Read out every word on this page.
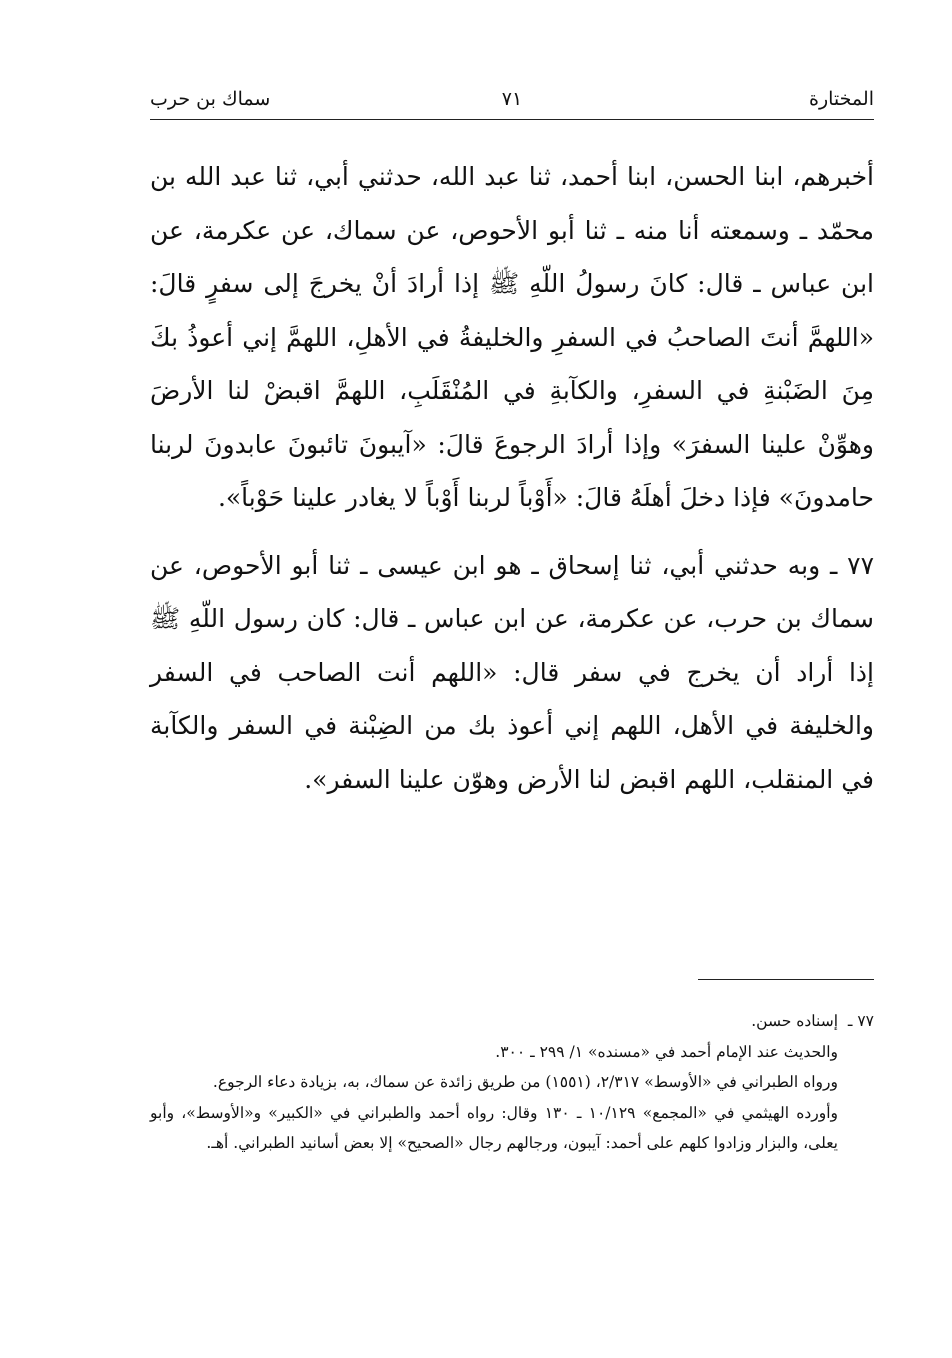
المختارة
٧١
سماك بن حرب

أخبرهم، ابنا الحسن، ابنا أحمد، ثنا عبد الله، حدثني أبي، ثنا عبد الله بن محمّد ـ وسمعته أنا منه ـ ثنا أبو الأحوص، عن سماك، عن عكرمة، عن ابن عباس ـ قال: كانَ رسولُ اللّهِ ﷺ إذا أرادَ أنْ يخرجَ إلى سفرٍ قالَ: «اللهمَّ أنتَ الصاحبُ في السفرِ والخليفةُ في الأهلِ، اللهمَّ إني أعوذُ بكَ مِنَ الضَبْنةِ في السفرِ، والكآبةِ في المُنْقَلَبِ، اللهمَّ اقبضْ لنا الأرضَ وهوِّنْ علينا السفرَ» وإذا أرادَ الرجوعَ قالَ: «آيبونَ تائبونَ عابدونَ لربنا حامدونَ» فإذا دخلَ أهلَهُ قالَ: «أَوْباً لربنا أَوْباً لا يغادر علينا حَوْباً».

٧٧ ـ وبه حدثني أبي، ثنا إسحاق ـ هو ابن عيسى ـ ثنا أبو الأحوص، عن سماك بن حرب، عن عكرمة، عن ابن عباس ـ قال: كان رسول اللّهِ ﷺ إذا أراد أن يخرج في سفر قال: «اللهم أنت الصاحب في السفر والخليفة في الأهل، اللهم إني أعوذ بك من الضِبْنة في السفر والكآبة في المنقلب، اللهم اقبض لنا الأرض وهوّن علينا السفر».

٧٧ ـإسناده حسن.

والحديث عند الإمام أحمد في «مسنده» ١/ ٢٩٩ ـ ٣٠٠.

ورواه الطبراني في «الأوسط» ٢/٣١٧، (١٥٥١) من طريق زائدة عن سماك، به، بزيادة دعاء الرجوع.

وأورده الهيثمي في «المجمع» ١٠/١٢٩ ـ ١٣٠ وقال: رواه أحمد والطبراني في «الكبير» و«الأوسط»، وأبو يعلى، والبزار وزادوا كلهم على أحمد: آيبون، ورجالهم رجال «الصحيح» إلا بعض أسانيد الطبراني. أهـ.
